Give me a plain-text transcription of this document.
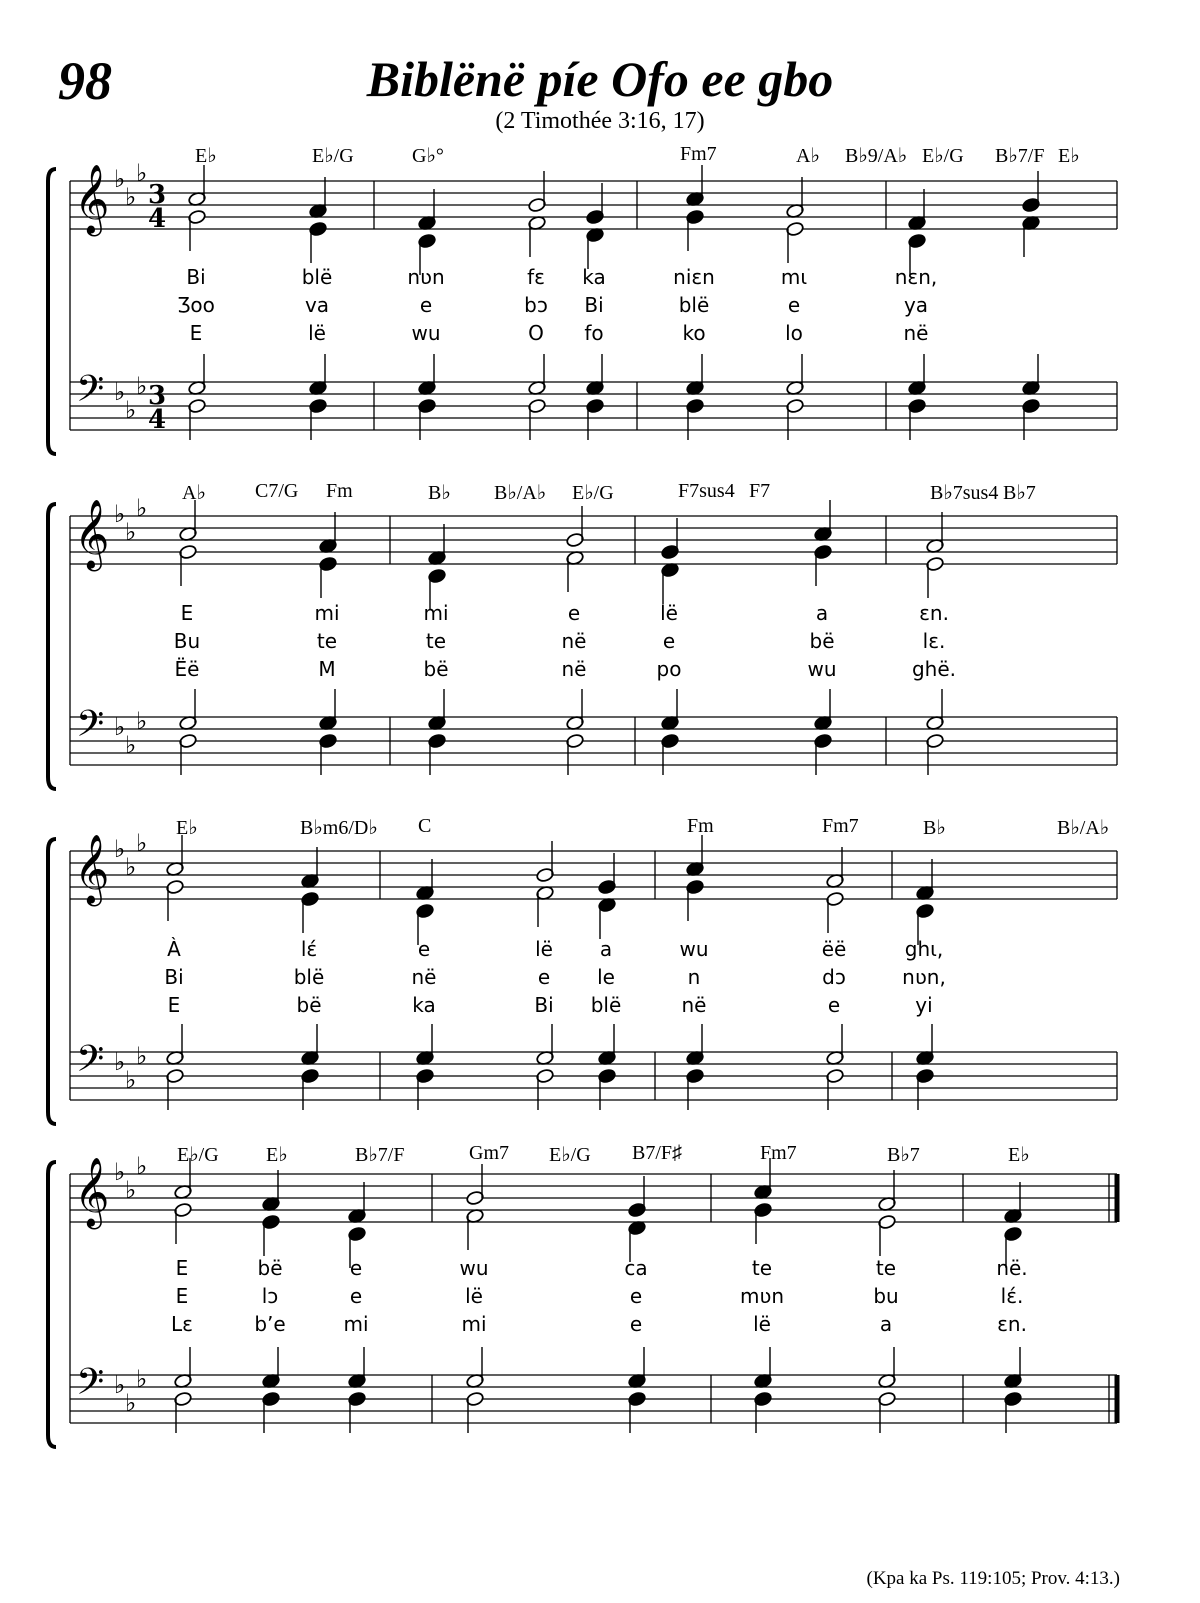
98	Biblënë píe Ofo ee gbo
(2 Timothée 3:16, 17)
𝄞
𝄢
♭
♭
♭
♭
♭
♭
3
4
3
4
𝄞
𝄢
♭
♭
♭
♭
♭
♭
𝄞
𝄢
♭
♭
♭
♭
♭
♭
𝄞
𝄢
♭
♭
♭
♭
♭
♭
E♭	E♭/G	G♭°	Fm7	A♭ B♭9/A♭ E♭/G B♭7/F E♭
Bi	blë	nʋn	fɛ ka	niɛn	mɩ	nɛn,
Ʒoo	va	e	bɔ Bi	blë	e	ya
E	lë	wu	O fo	ko	lo	në
A♭ C7/G Fm	B♭ B♭/A♭ E♭/G	F7sus4 F7	B♭7sus4 B♭7
E	mi	mi	e	lë	a	ɛn.
Bu	te	te	në	e	bë	lɛ.
Ëë	M	bë	në	po	wu	ghë.
E♭	B♭m6/D♭ C	Fm	Fm7	B♭	B♭/A♭
À	lɛ́	e	lë a	wu	ëë	ghɩ,
Bi	blë	në	e le	n	dɔ	nʋn,
E	bë	ka	Bi blë	në	e	yi
E♭/G E♭	B♭7/F	Gm7 E♭/G B7/F♯	Fm7	B♭7	E♭
E	bë	e	wu	ca	te	te	në.
E	lɔ	e	lë	e	mʋn	bu	lɛ́.
Lɛ	b’e	mi	mi	e	lë	a	ɛn.
(Kpa ka Ps. 119:105; Prov. 4:13.)
